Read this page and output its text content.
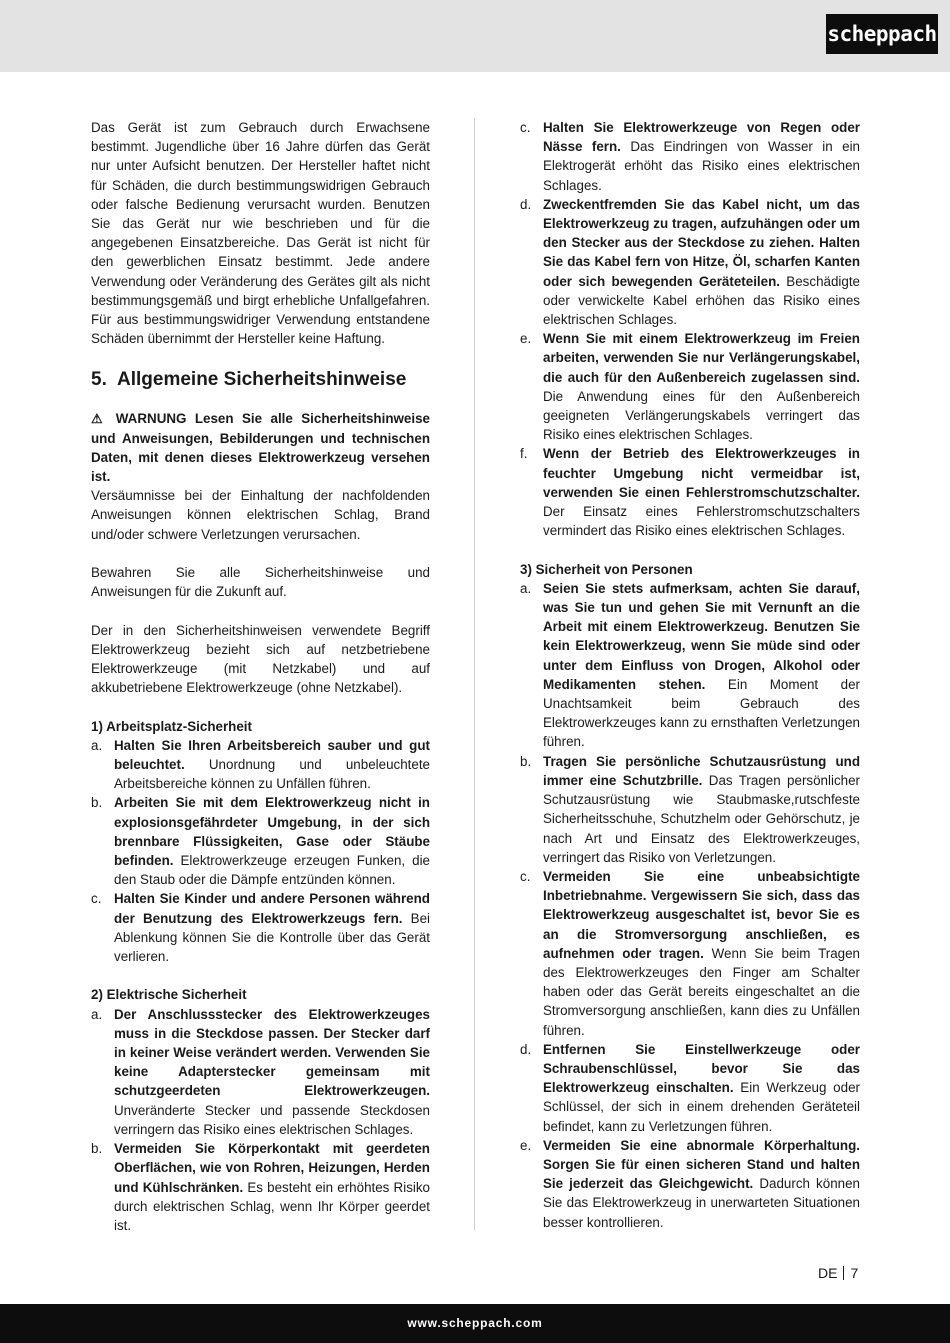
scheppach

Das Gerät ist zum Gebrauch durch Erwachsene bestimmt. Jugendliche über 16 Jahre dürfen das Gerät nur unter Aufsicht benutzen. Der Hersteller haftet nicht für Schäden, die durch bestimmungswidrigen Gebrauch oder falsche Bedienung verursacht wurden. Benutzen Sie das Gerät nur wie beschrieben und für die angegebenen Einsatzbereiche. Das Gerät ist nicht für den gewerblichen Einsatz bestimmt. Jede andere Verwendung oder Veränderung des Gerätes gilt als nicht bestimmungsgemäß und birgt erhebliche Unfallgefahren. Für aus bestimmungswidriger Verwendung entstandene Schäden übernimmt der Hersteller keine Haftung.

5. Allgemeine Sicherheitshinweise

⚠ WARNUNG Lesen Sie alle Sicherheitshinweise und Anweisungen, Bebilderungen und technischen Daten, mit denen dieses Elektrowerkzeug versehen ist.

Versäumnisse bei der Einhaltung der nachfoldenden Anweisungen können elektrischen Schlag, Brand und/oder schwere Verletzungen verursachen.

Bewahren Sie alle Sicherheitshinweise und Anweisungen für die Zukunft auf.

Der in den Sicherheitshinweisen verwendete Begriff Elektrowerkzeug bezieht sich auf netzbetriebene Elektrowerkzeuge (mit Netzkabel) und auf akkubetriebene Elektrowerkzeuge (ohne Netzkabel).

1) Arbeitsplatz-Sicherheit

a. Halten Sie Ihren Arbeitsbereich sauber und gut beleuchtet. Unordnung und unbeleuchtete Arbeitsbereiche können zu Unfällen führen.
b. Arbeiten Sie mit dem Elektrowerkzeug nicht in explosionsgefährdeter Umgebung, in der sich brennbare Flüssigkeiten, Gase oder Stäube befinden. Elektrowerkzeuge erzeugen Funken, die den Staub oder die Dämpfe entzünden können.
c. Halten Sie Kinder und andere Personen während der Benutzung des Elektrowerkzeugs fern. Bei Ablenkung können Sie die Kontrolle über das Gerät verlieren.

2) Elektrische Sicherheit

a. Der Anschlussstecker des Elektrowerkzeuges muss in die Steckdose passen. Der Stecker darf in keiner Weise verändert werden. Verwenden Sie keine Adapterstecker gemeinsam mit schutzgeerdeten Elektrowerkzeugen. Unveränderte Stecker und passende Steckdosen verringern das Risiko eines elektrischen Schlages.
b. Vermeiden Sie Körperkontakt mit geerdeten Oberflächen, wie von Rohren, Heizungen, Herden und Kühlschränken. Es besteht ein erhöhtes Risiko durch elektrischen Schlag, wenn Ihr Körper geerdet ist.
c. Halten Sie Elektrowerkzeuge von Regen oder Nässe fern. Das Eindringen von Wasser in ein Elektrogerät erhöht das Risiko eines elektrischen Schlages.
d. Zweckentfremden Sie das Kabel nicht, um das Elektrowerkzeug zu tragen, aufzuhängen oder um den Stecker aus der Steckdose zu ziehen. Halten Sie das Kabel fern von Hitze, Öl, scharfen Kanten oder sich bewegenden Geräteteilen. Beschädigte oder verwickelte Kabel erhöhen das Risiko eines elektrischen Schlages.
e. Wenn Sie mit einem Elektrowerkzeug im Freien arbeiten, verwenden Sie nur Verlängerungskabel, die auch für den Außenbereich zugelassen sind. Die Anwendung eines für den Außenbereich geeigneten Verlängerungskabels verringert das Risiko eines elektrischen Schlages.
f. Wenn der Betrieb des Elektrowerkzeuges in feuchter Umgebung nicht vermeidbar ist, verwenden Sie einen Fehlerstromschutzschalter. Der Einsatz eines Fehlerstromschutzschalters vermindert das Risiko eines elektrischen Schlages.

3) Sicherheit von Personen

a. Seien Sie stets aufmerksam, achten Sie darauf, was Sie tun und gehen Sie mit Vernunft an die Arbeit mit einem Elektrowerkzeug. Benutzen Sie kein Elektrowerkzeug, wenn Sie müde sind oder unter dem Einfluss von Drogen, Alkohol oder Medikamenten stehen. Ein Moment der Unachtsamkeit beim Gebrauch des Elektrowerkzeuges kann zu ernsthaften Verletzungen führen.
b. Tragen Sie persönliche Schutzausrüstung und immer eine Schutzbrille. Das Tragen persönlicher Schutzausrüstung wie Staubmaske,rutschfeste Sicherheitsschuhe, Schutzhelm oder Gehörschutz, je nach Art und Einsatz des Elektrowerkzeuges, verringert das Risiko von Verletzungen.
c. Vermeiden Sie eine unbeabsichtigte Inbetriebnahme. Vergewissern Sie sich, dass das Elektrowerkzeug ausgeschaltet ist, bevor Sie es an die Stromversorgung anschließen, es aufnehmen oder tragen. Wenn Sie beim Tragen des Elektrowerkzeuges den Finger am Schalter haben oder das Gerät bereits eingeschaltet an die Stromversorgung anschließen, kann dies zu Unfällen führen.
d. Entfernen Sie Einstellwerkzeuge oder Schraubenschlüssel, bevor Sie das Elektrowerkzeug einschalten. Ein Werkzeug oder Schlüssel, der sich in einem drehenden Geräteteil befindet, kann zu Verletzungen führen.
e. Vermeiden Sie eine abnormale Körperhaltung. Sorgen Sie für einen sicheren Stand und halten Sie jederzeit das Gleichgewicht. Dadurch können Sie das Elektrowerkzeug in unerwarteten Situationen besser kontrollieren.
DE 7
www.scheppach.com
